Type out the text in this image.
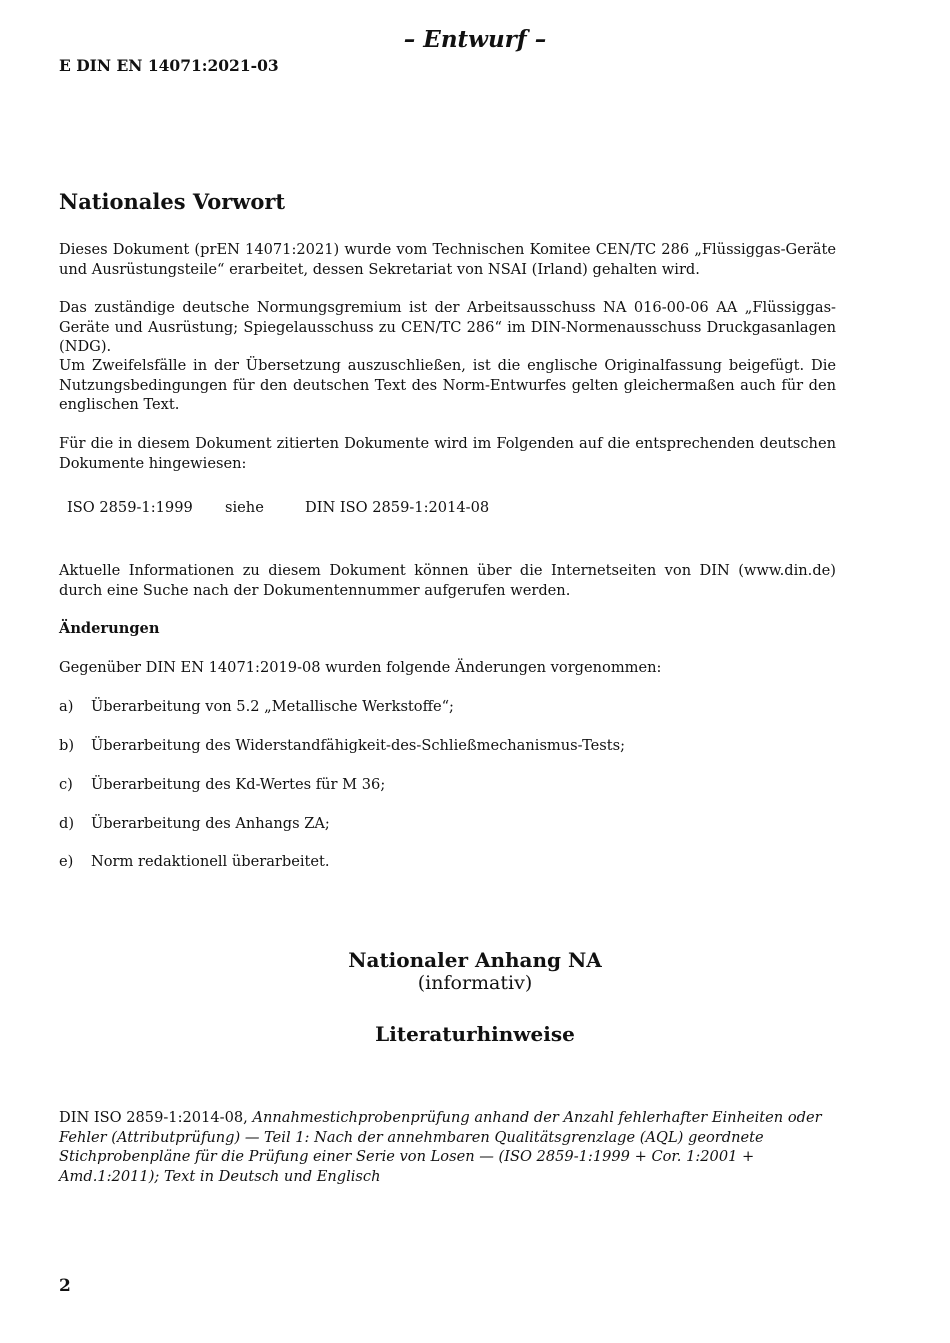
– Entwurf –
E DIN EN 14071:2021-03
Nationales Vorwort
Dieses Dokument (prEN 14071:2021) wurde vom Technischen Komitee CEN/TC 286 „Flüssiggas-Geräte und Ausrüstungsteile“ erarbeitet, dessen Sekretariat von NSAI (Irland) gehalten wird.
Das zuständige deutsche Normungsgremium ist der Arbeitsausschuss NA 016-00-06 AA „Flüssiggas-Geräte und Ausrüstung; Spiegelausschuss zu CEN/TC 286“ im DIN-Normenausschuss Druckgasanlagen (NDG).
Um Zweifelsfälle in der Übersetzung auszuschließen, ist die englische Originalfassung beigefügt. Die Nutzungsbedingungen für den deutschen Text des Norm-Entwurfes gelten gleichermaßen auch für den englischen Text.
Für die in diesem Dokument zitierten Dokumente wird im Folgenden auf die entsprechenden deutschen Dokumente hingewiesen:
ISO 2859-1:1999 siehe	DIN ISO 2859-1:2014-08
Aktuelle Informationen zu diesem Dokument können über die Internetseiten von DIN (www.din.de) durch eine Suche nach der Dokumentennummer aufgerufen werden.
Änderungen
Gegenüber DIN EN 14071:2019-08 wurden folgende Änderungen vorgenommen:
a) Überarbeitung von 5.2 „Metallische Werkstoffe“;
b) Überarbeitung des Widerstandfähigkeit-des-Schließmechanismus-Tests;
c) Überarbeitung des Kd-Wertes für M 36;
d) Überarbeitung des Anhangs ZA;
e) Norm redaktionell überarbeitet.
Nationaler Anhang NA
(informativ)
Literaturhinweise
DIN ISO 2859-1:2014-08, Annahmestichprobenprüfung anhand der Anzahl fehlerhafter Einheiten oder Fehler (Attributprüfung) — Teil 1: Nach der annehmbaren Qualitätsgrenzlage (AQL) geordnete Stichprobenpläne für die Prüfung einer Serie von Losen — (ISO 2859-1:1999 + Cor. 1:2001 + Amd.1:2011); Text in Deutsch und Englisch
2
